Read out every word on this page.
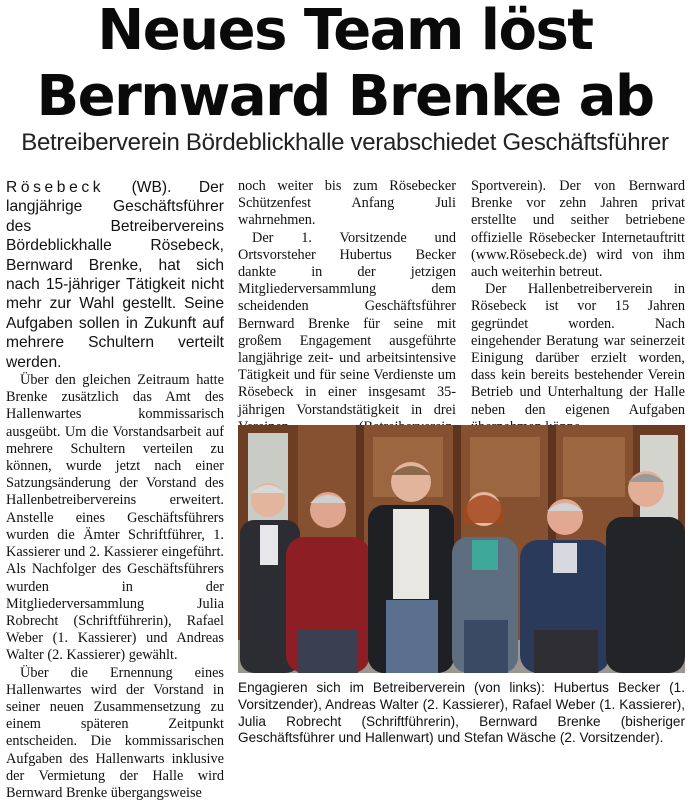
Neues Team löst
Bernward Brenke ab
Betreiberverein Bördeblickhalle verabschiedet Geschäftsführer

Rösebeck (WB). Der langjährige Geschäftsführer des Betreibervereins Bördeblickhalle Rösebeck, Bernward Brenke, hat sich nach 15-jähriger Tätigkeit nicht mehr zur Wahl gestellt. Seine Aufgaben sollen in Zukunft auf mehrere Schultern verteilt werden.

Über den gleichen Zeitraum hatte Brenke zusätzlich das Amt des Hallenwartes kommissarisch ausgeübt. Um die Vorstandsarbeit auf mehrere Schultern verteilen zu können, wurde jetzt nach einer Satzungsänderung der Vorstand des Hallenbetreibervereins erweitert. Anstelle eines Geschäftsführers wurden die Ämter Schriftführer, 1. Kassierer und 2. Kassierer eingeführt. Als Nachfolger des Geschäftsführers wurden in der Mitgliederversammlung Julia Robrecht (Schriftführerin), Rafael Weber (1. Kassierer) und Andreas Walter (2. Kassierer) gewählt.

Über die Ernennung eines Hallenwartes wird der Vorstand in seiner neuen Zusammensetzung zu einem späteren Zeitpunkt entscheiden. Die kommissarischen Aufgaben des Hallenwarts inklusive der Vermietung der Halle wird Bernward Brenke übergangsweise

noch weiter bis zum Rösebecker Schützenfest Anfang Juli wahrnehmen.

Der 1. Vorsitzende und Ortsvorsteher Hubertus Becker dankte in der jetzigen Mitgliederversammlung dem scheidenden Geschäftsführer Bernward Brenke für seine mit großem Engagement ausgeführte langjährige zeit- und arbeitsintensive Tätigkeit und für seine Verdienste um Rösebeck in einer insgesamt 35-jährigen Vorstandstätigkeit in drei

Sportverein). Der von Bernward Brenke vor zehn Jahren privat erstellte und seither betriebene offizielle Rösebecker Internetauftritt (www.Rösebeck.de) wird von ihm auch weiterhin betreut.

Der Hallenbetreiberverein in Rösebeck ist vor 15 Jahren gegründet worden. Nach eingehender Beratung war seinerzeit Einigung darüber erzielt worden, dass kein bereits bestehender Verein Betrieb und Unterhaltung der Halle neben den eigenen Aufgaben

Engagieren sich im Betreiberverein (von links): Hubertus Becker (1. Vorsitzender), Andreas Walter (2. Kassierer), Rafael Weber (1. Kassierer), Julia Robrecht (Schriftführerin), Bernward Brenke (bisheriger Geschäftsführer und Hallenwart) und Stefan Wäsche (2. Vorsitzender).
